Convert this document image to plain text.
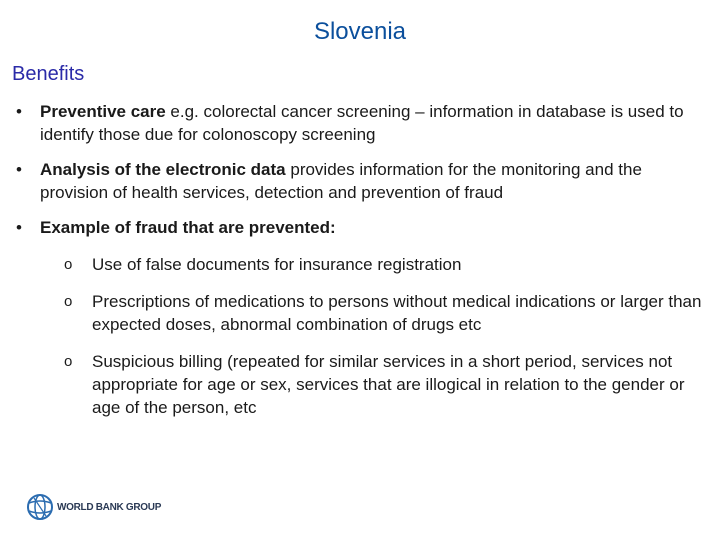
Slovenia
Benefits
• Preventive care e.g. colorectal cancer screening – information in database is used to identify those due for colonoscopy screening
• Analysis of the electronic data provides information for the monitoring and the provision of health services, detection and prevention of fraud
• Example of fraud that are prevented:
o Use of false documents for insurance registration
o Prescriptions of medications to persons without medical indications or larger than expected doses, abnormal combination of drugs etc
o Suspicious billing (repeated for similar services in a short period, services not appropriate for age or sex, services that are illogical in relation to the gender or age of the person, etc
WORLD BANK GROUP
